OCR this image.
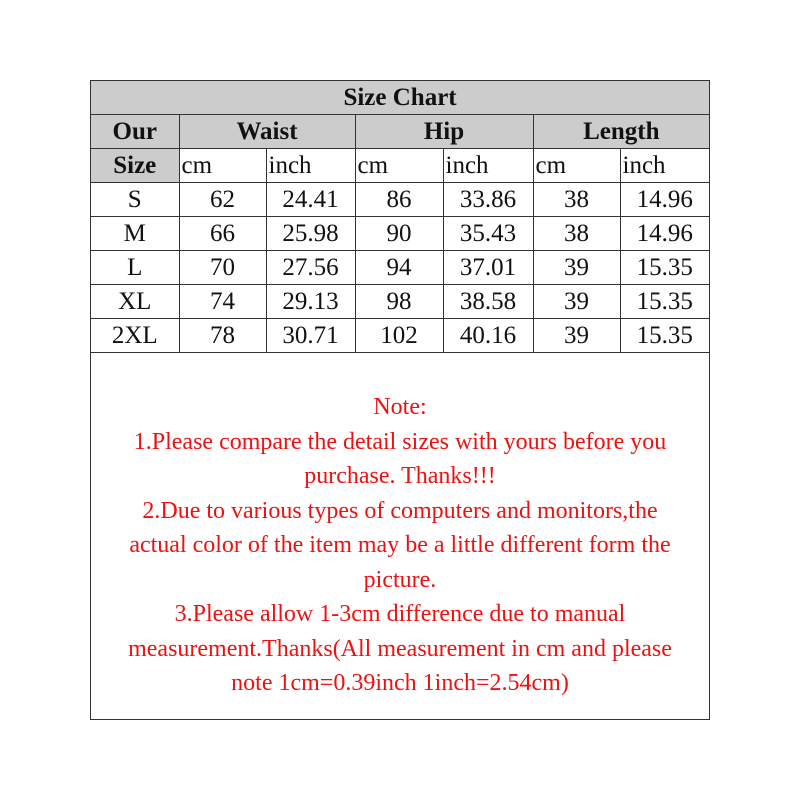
Size Chart						
Our	Waist		Hip		Length	
Size	cm	inch	cm	inch	cm	inch
S	62	24.41	86	33.86	38	14.96
M	66	25.98	90	35.43	38	14.96
L	70	27.56	94	37.01	39	15.35
XL	74	29.13	98	38.58	39	15.35
2XL	78	30.71	102	40.16	39	15.35
Note:
1.Please compare the detail sizes with yours before you
purchase. Thanks!!!
2.Due to various types of computers and monitors,the
actual color of the item may be a little different form the
picture.
3.Please allow 1-3cm difference due to manual
measurement.Thanks(All measurement in cm and please
note 1cm=0.39inch 1inch=2.54cm)
